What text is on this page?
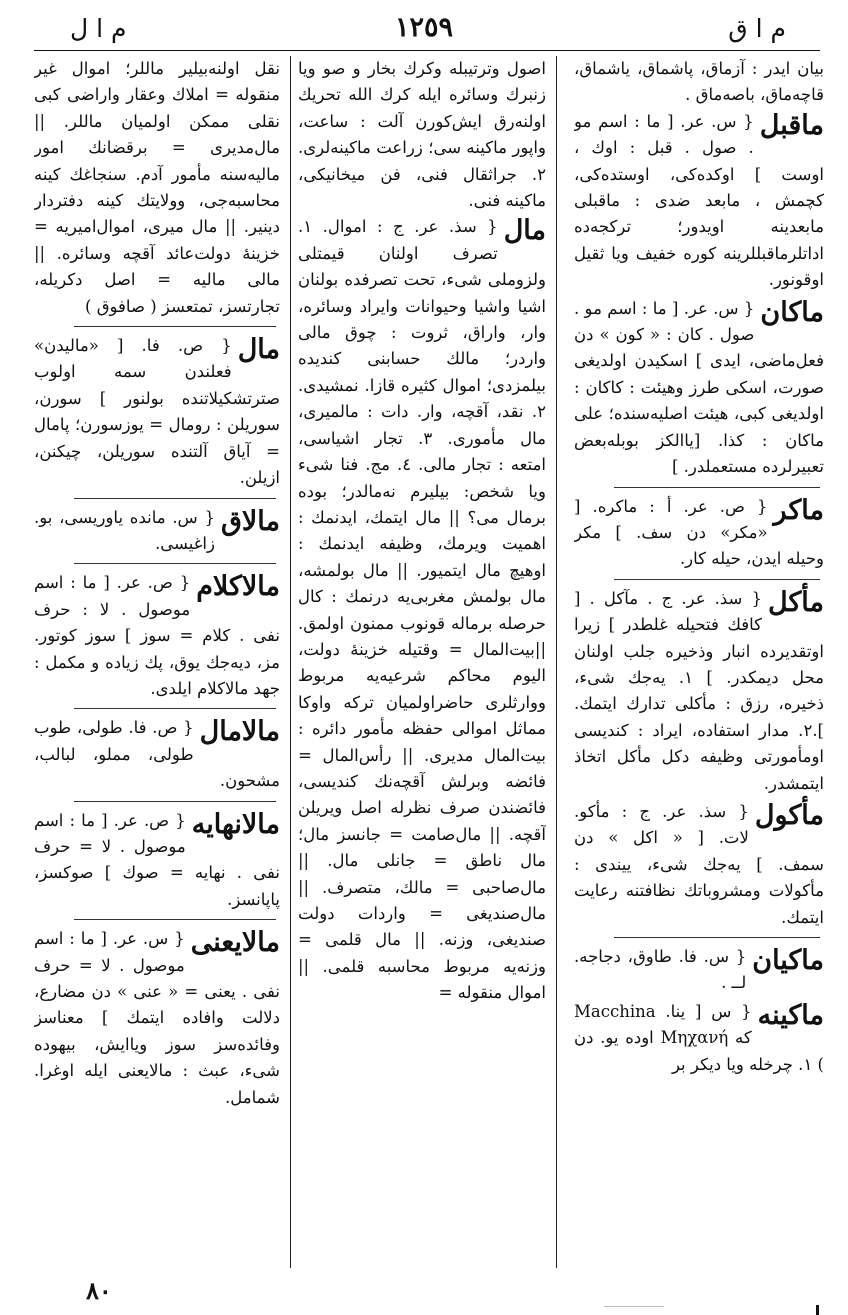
م ا ق
١٢٥٩
م ا ل
بيان ايدر : آزماق، پاشماق، ياشماق، قاچه‌ماق، باصه‌ماق .
ماقبل
{ س. عر. [ ما : اسم مو . صول . قبل : اوك ، اوست ] اوكده‌كی، اوستده‌كی، كچمش ، مابعد ضدی : ماقبلی مابعدینه اويدور؛ تركجه‌ده اداتلرماقبللرینه كوره خفيف ويا ثقيل اوقونور.
ماكان
{ س. عر. [ ما : اسم مو . صول . كان : « كون » دن فعل‌ماضی، ایدی ] اسكیدن اولديغی صورت، اسكی طرز وهيئت : كاكان : اولديغی كبی، هيئت اصليه‌سنده؛ علی ماكان : كذا. [ياالكز بوبله‌بعض تعبيرلرده مستعملدر. ]
ماكر
{ ص. عر. أ : ماكره. [ «مكر» دن سف. ] مكر وحيله ايدن، حيله كار.
مأكل
{ سذ. عر. ج . مآكل . [ كافك فتحيله غلطدر ] زيرا اوتقديرده انبار وذخيره جلب اولنان محل ديمكدر. ] ١. يه‌جك شیء، ذخيره، رزق : مأكلی تدارك ايتمك. ].٢. مدار استفاده، ايراد : كنديسی اومأمورتی وظيفه دكل مأكل اتخاذ ايتمشدر.
مأكول
{ سذ. عر. ج : مأكو. لات. [ « اكل » دن سمف. ] يه‌جك شیء، ييندی : مأكولات ومشروباتك نظافتنه رعايت ايتمك.
ماكيان
{ س. فا. طاوق، دجاجه. لــ .
ماكينه
{ س [ ينا. Macchina كه Μηχανή اوده يو. دن ) ١. چرخله ويا ديكر بر
اصول وترتيبله وكرك بخار و صو ويا زنبرك وسائره ايله كرك الله تحريك اولنه‌رق ايش‌كورن آلت : ساعت، واپور ماكينه سی؛ زراعت ماكينه‌لری. ٢. جراثقال فنی، فن ميخانيكی، ماكينه فنی.
مال
{ سذ. عر. ج : اموال. ١. تصرف اولنان قيمتلی ولزوملی شیء، تحت تصرفده بولنان اشيا واشيا وحيوانات وايراد وسائره، وار، واراق، ثروت : چوق مالی واردر؛ مالك حسابنی كنديده بيلمزدی؛ اموال كثيره قازا. نمشيدی. ٢. نقد، آقچه، وار. دات : مالميری، مال مأموری. ٣. تجار اشياسی، امتعه : تجار مالی. ٤. مج. فنا شیء ويا شخص: بيليرم نه‌مالدر؛ بوده برمال می؟ || مال ايتمك، ايدنمك : اهميت ويرمك، وظيفه ايدنمك : اوهيچ مال ايتميور. || مال بولمشه، مال بولمش مغربی‌يه درنمك : كال حرصله برماله قونوب ممنون اولمق. ||بيت‌المال = وقتيله خزينهٔ دولت، اليوم محاكم شرعيه‌يه مربوط ووارثلری حاضراولميان تركه واوكا مماثل اموالی حفظه مأمور دائره : بيت‌المال مديری. || رأس‌المال = فائضه وبرلش آقچه‌نك كنديسی، فائضندن صرف نظرله اصل ويريلن آقچه. || مال‌صامت = جانسز مال؛ مال ناطق = جانلی مال. || مال‌صاحبی = مالك، متصرف. || مال‌صنديغی = واردات دولت صنديغی، وزنه. || مال قلمی = وزنه‌يه مربوط محاسبه قلمی. || اموال منقوله =
نقل اولنه‌بيلير ماللر؛ اموال غير منقوله = املاك وعقار واراضی كبی نقلی ممكن اولميان ماللر. || مال‌مديری = برقضانك امور ماليه‌سنه مأمور آدم. سنجاغك كينه محاسبه‌جی، وولايتك كينه دفتردار دينير. || مال ميری، اموال‌اميريه = خزينهٔ دولت‌عائد آقچه وسائره. || مالی ماليه = اصل دكريله، تجارتسز، تمتعسز ( صافوق )
مال
{ ص. فا. [ «ماليدن» فعلندن سمه اولوب صترتشكيلاتنده بولنور ] سورن، سوريلن : رومال = يوزسورن؛ پامال = آياق آلتنده سوريلن، چيكنن، ازيلن.
مالاق
{ س. مانده ياوريسی، بو. زاغيسی.
مالاكلام
{ ص. عر. [ ما : اسم موصول . لا : حرف نفی . كلام = سوز ] سوز كوتور. مز، ديه‌جك يوق، پك زياده و مكمل : جهد مالاكلام ايلدی.
مالامال
{ ص. فا. طولی، طوب طولی، مملو، لبالب، مشحون.
مالانهايه
{ ص. عر. [ ما : اسم موصول . لا = حرف نفی . نهايه = صوك ] صوكسز، پاپانسز.
مالايعنی
{ س. عر. [ ما : اسم موصول . لا = حرف نفی . يعنی = « عنی » دن مضارع، دلالت وافاده ايتمك ] معناسز وفائده‌سز سوز وياايش، بيهوده شیء، عبث : مالايعنی ايله اوغرا. شمامل.
٨٠
